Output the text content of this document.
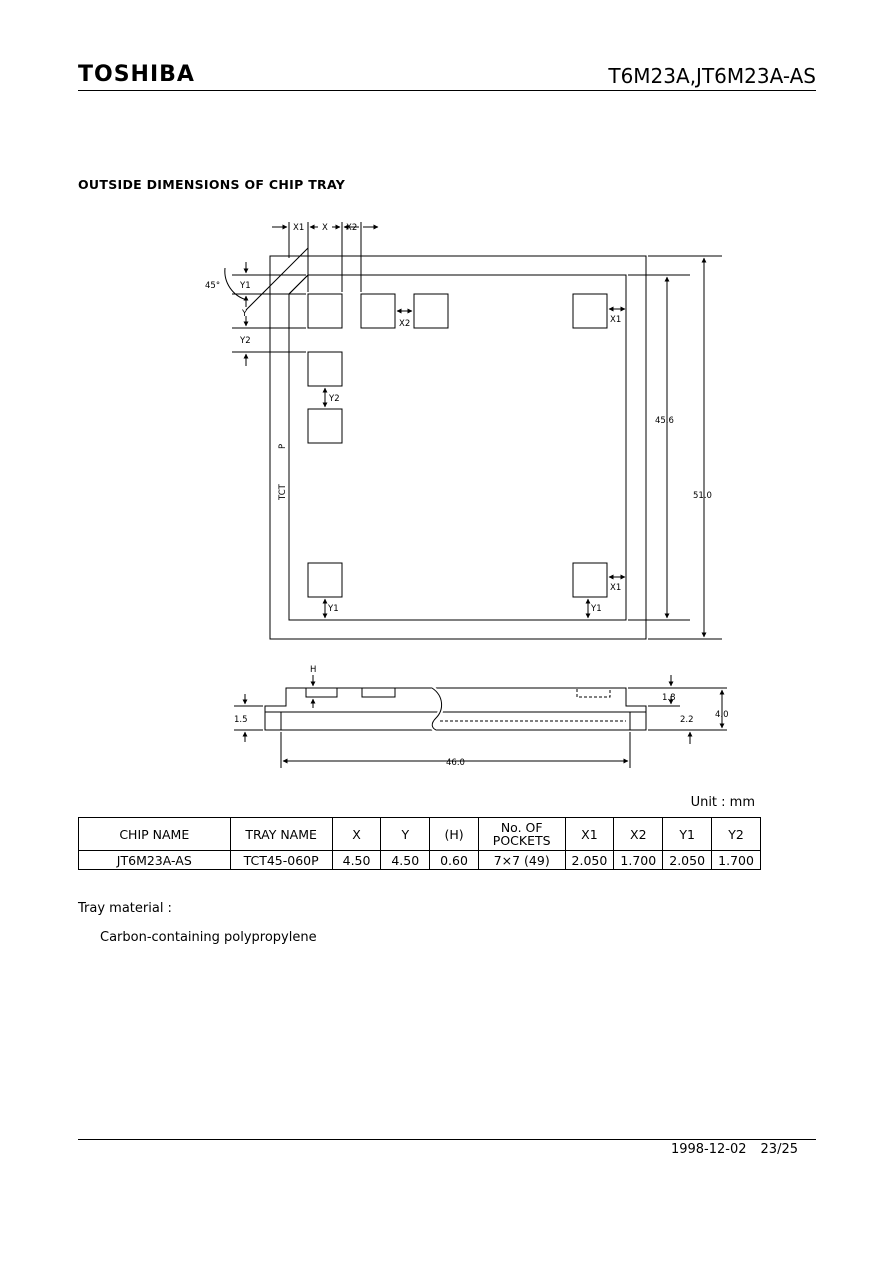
TOSHIBA	T6M23A,JT6M23A-AS
OUTSIDE DIMENSIONS OF CHIP TRAY
X1 X X2
45° Y1
Y
Y2
X2	X1
Y2
X1
Y1	Y1
TCT             P
45.6
51.0
H
1.5
1.8
2.2	4.0
46.0
Unit : mm
CHIP NAME	TRAY NAME	X	Y	(H)	No. OF
POCKETS	X1	X2	Y1	Y2
JT6M23A-AS	TCT45-060P	4.50	4.50	0.60	7×7 (49)	2.050	1.700	2.050	1.700
Tray material :
Carbon-containing polypropylene
1998-12-02 23/25
